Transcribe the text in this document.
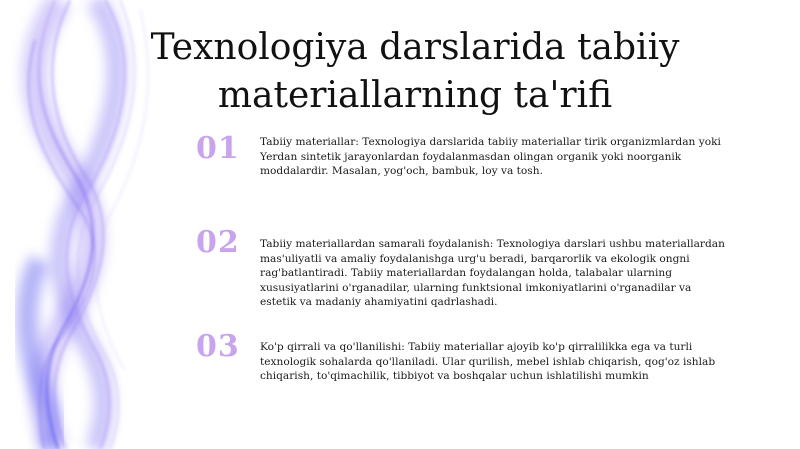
Texnologiya darslarida tabiiy materiallarning ta'rifi
01	Tabiiy materiallar: Texnologiya darslarida tabiiy materiallar tirik organizmlardan yoki Yerdan sintetik jarayonlardan foydalanmasdan olingan organik yoki noorganik moddalardir. Masalan, yog'och, bambuk, loy va tosh.
02	Tabiiy materiallardan samarali foydalanish: Texnologiya darslari ushbu materiallardan mas'uliyatli va amaliy foydalanishga urg'u beradi, barqarorlik va ekologik ongni rag'batlantiradi. Tabiiy materiallardan foydalangan holda, talabalar ularning xususiyatlarini o'rganadilar, ularning funktsional imkoniyatlarini o'rganadilar va estetik va madaniy ahamiyatini qadrlashadi.
03	Ko'p qirrali va qo'llanilishi: Tabiiy materiallar ajoyib ko'p qirralilikka ega va turli texnologik sohalarda qo'llaniladi. Ular qurilish, mebel ishlab chiqarish, qog'oz ishlab chiqarish, to'qimachilik, tibbiyot va boshqalar uchun ishlatilishi mumkin
